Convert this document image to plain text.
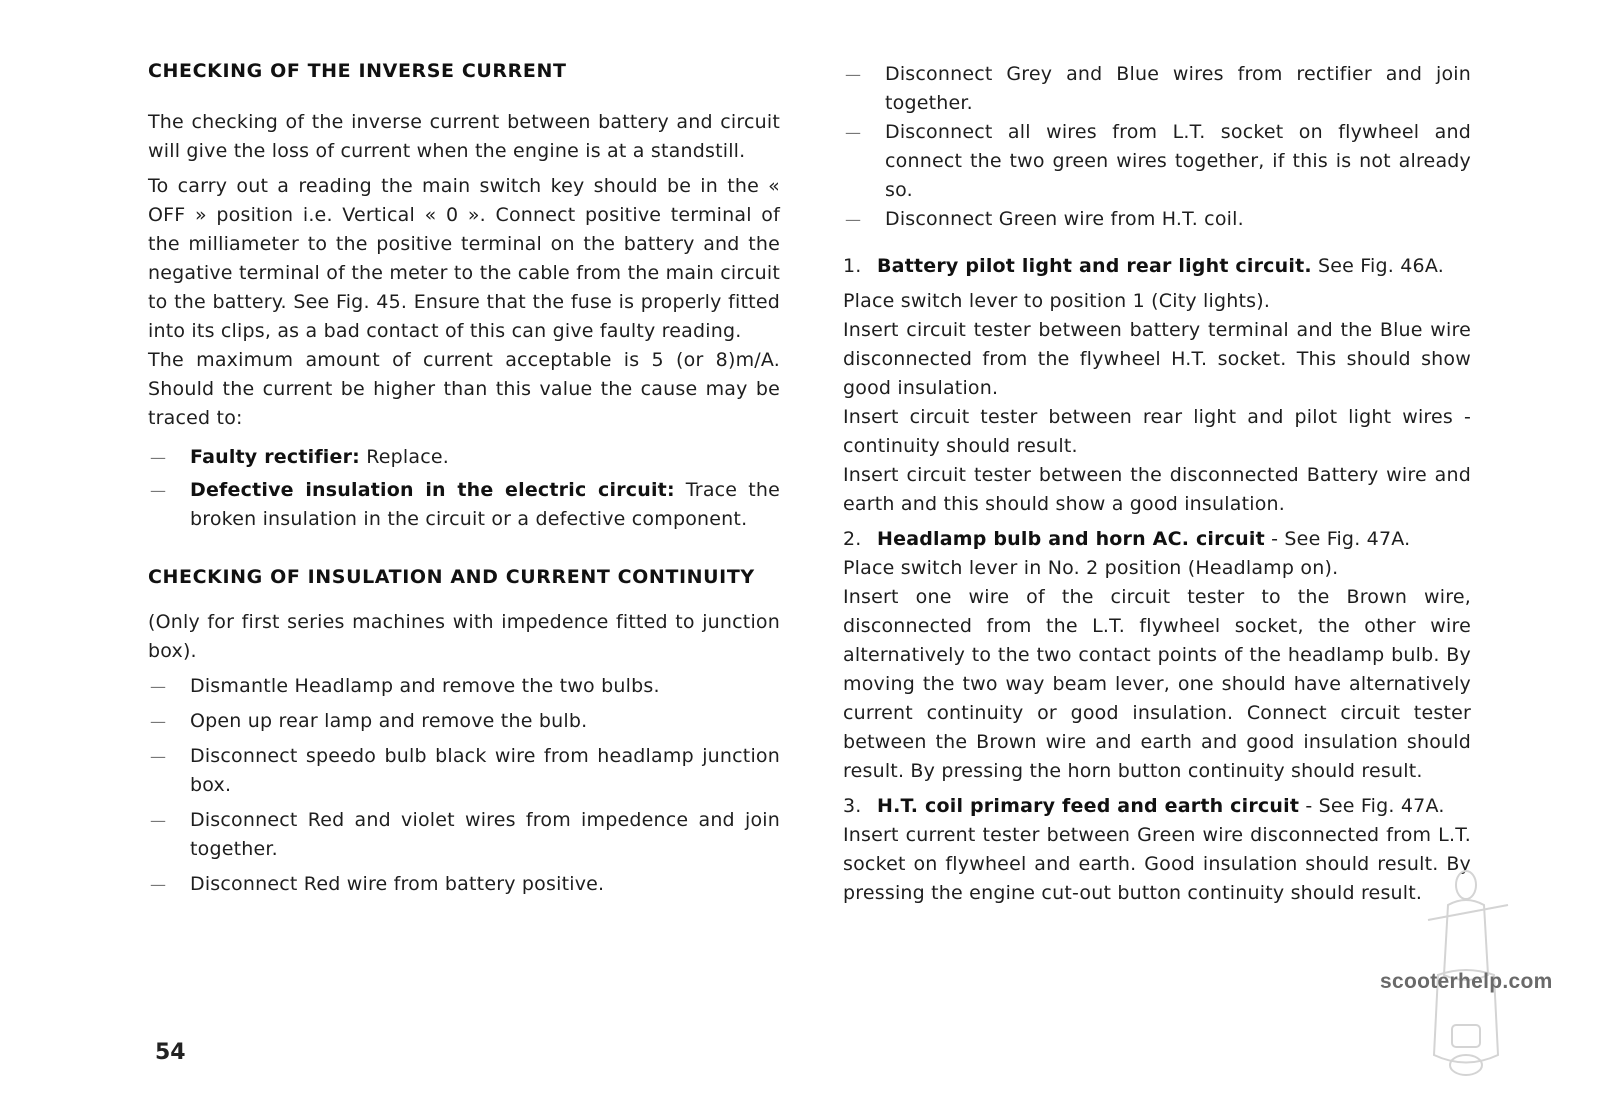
CHECKING OF THE INVERSE CURRENT

The checking of the inverse current between battery and circuit will give the loss of current when the engine is at a standstill.

To carry out a reading the main switch key should be in the « OFF » position i.e. Vertical « 0 ». Connect positive terminal of the milliameter to the positive terminal on the battery and the negative terminal of the meter to the cable from the main circuit to the battery. See Fig. 45. Ensure that the fuse is properly fitted into its clips, as a bad contact of this can give faulty reading.

The maximum amount of current acceptable is 5 (or 8)m/A. Should the current be higher than this value the cause may be traced to:

— Faulty rectifier: Replace.

— Defective insulation in the electric circuit: Trace the broken insulation in the circuit or a defective component.

CHECKING OF INSULATION AND CURRENT CONTINUITY

(Only for first series machines with impedence fitted to junction box).

— Dismantle Headlamp and remove the two bulbs.

— Open up rear lamp and remove the bulb.

— Disconnect speedo bulb black wire from headlamp junction box.

— Disconnect Red and violet wires from impedence and join together.

— Disconnect Red wire from battery positive.

54

— Disconnect Grey and Blue wires from rectifier and join together.

— Disconnect all wires from L.T. socket on flywheel and connect the two green wires together, if this is not already so.

— Disconnect Green wire from H.T. coil.

1. Battery pilot light and rear light circuit. See Fig. 46A.

Place switch lever to position 1 (City lights).

Insert circuit tester between battery terminal and the Blue wire disconnected from the flywheel H.T. socket. This should show good insulation.

Insert circuit tester between rear light and pilot light wires - continuity should result.

Insert circuit tester between the disconnected Battery wire and earth and this should show a good insulation.

2. Headlamp bulb and horn AC. circuit - See Fig. 47A.

Place switch lever in No. 2 position (Headlamp on).

Insert one wire of the circuit tester to the Brown wire, disconnected from the L.T. flywheel socket, the other wire alternatively to the two contact points of the headlamp bulb. By moving the two way beam lever, one should have alternatively current continuity or good insulation. Connect circuit tester between the Brown wire and earth and good insulation should result. By pressing the horn button continuity should result.

3. H.T. coil primary feed and earth circuit - See Fig. 47A.

Insert current tester between Green wire disconnected from L.T. socket on flywheel and earth. Good insulation should result. By pressing the engine cut-out button continuity should result.

scooterhelp.com
